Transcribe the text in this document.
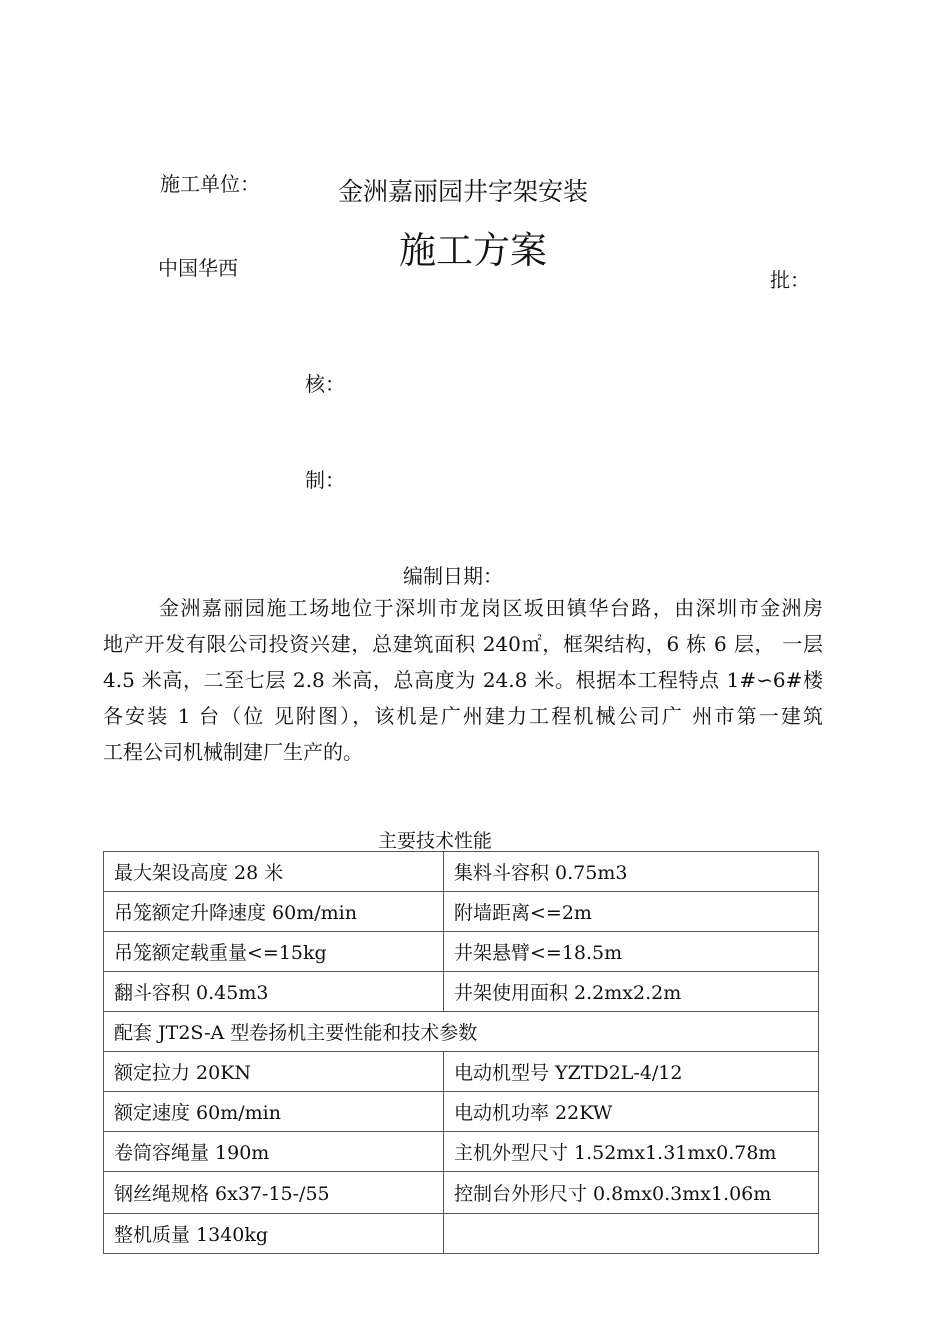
施工单位：
中国华西
金洲嘉丽园井字架安装
施工方案
批：
核：
制：
编制日期：

金洲嘉丽园施工场地位于深圳市龙岗区坂田镇华台路，由深圳市金洲房

地产开发有限公司投资兴建，总建筑面积 240㎡，框架结构，6 栋 6 层， 一层

4.5 米高，二至七层 2.8 米高，总高度为 24.8 米。根据本工程特点 1#∽6#楼

各安装 1 台（位 见附图），该机是广州建力工程机械公司广 州市第一建筑

工程公司机械制建厂生产的。

主要技术性能
最大架设高度 28 米	集料斗容积 0.75m3
吊笼额定升降速度 60m/min	附墙距离<=2m
吊笼额定载重量<=15kg	井架悬臂<=18.5m
翻斗容积 0.45m3	井架使用面积 2.2mx2.2m
配套 JT2S-A 型卷扬机主要性能和技术参数	
额定拉力 20KN	电动机型号 YZTD2L-4/12
额定速度 60m/min	电动机功率 22KW
卷筒容绳量 190m	主机外型尺寸 1.52mx1.31mx0.78m
钢丝绳规格 6x37-15-/55	控制台外形尺寸 0.8mx0.3mx1.06m
整机质量 1340kg	
